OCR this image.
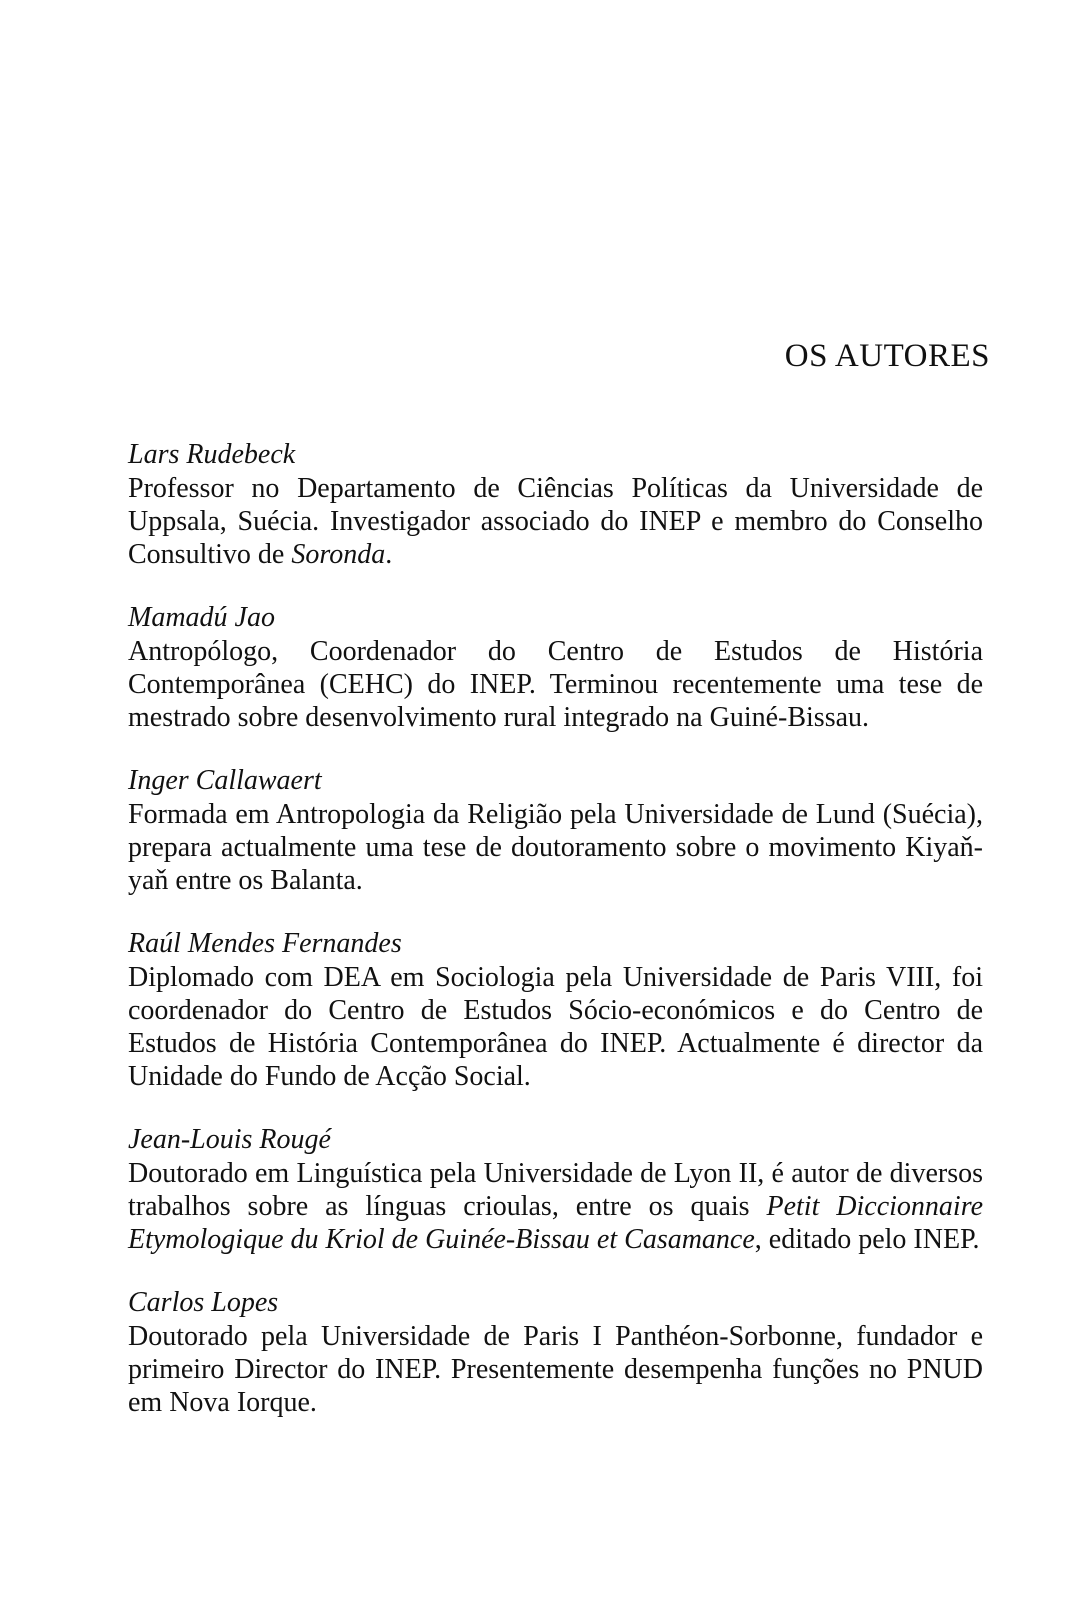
OS AUTORES

Lars Rudebeck

Professor no Departamento de Ciências Políticas da Universidade de Uppsala, Suécia. Investigador associado do INEP e membro do Conselho Consultivo de Soronda.

Mamadú Jao

Antropólogo, Coordenador do Centro de Estudos de História Contemporânea (CEHC) do INEP. Terminou recentemente uma tese de mestrado sobre desenvolvimento rural integrado na Guiné-Bissau.

Inger Callawaert

Formada em Antropologia da Religião pela Universidade de Lund (Suécia), prepara actualmente uma tese de doutoramento sobre o movimento Kiyaň-yaň entre os Balanta.

Raúl Mendes Fernandes

Diplomado com DEA em Sociologia pela Universidade de Paris VIII, foi coordenador do Centro de Estudos Sócio-económicos e do Centro de Estudos de História Contemporânea do INEP. Actualmente é director da Unidade do Fundo de Acção Social.

Jean-Louis Rougé

Doutorado em Linguística pela Universidade de Lyon II, é autor de diversos trabalhos sobre as línguas crioulas, entre os quais Petit Diccionnaire Etymologique du Kriol de Guinée-Bissau et Casamance, editado pelo INEP.

Carlos Lopes

Doutorado pela Universidade de Paris I Panthéon-Sorbonne, fundador e primeiro Director do INEP. Presentemente desempenha funções no PNUD em Nova Iorque.
